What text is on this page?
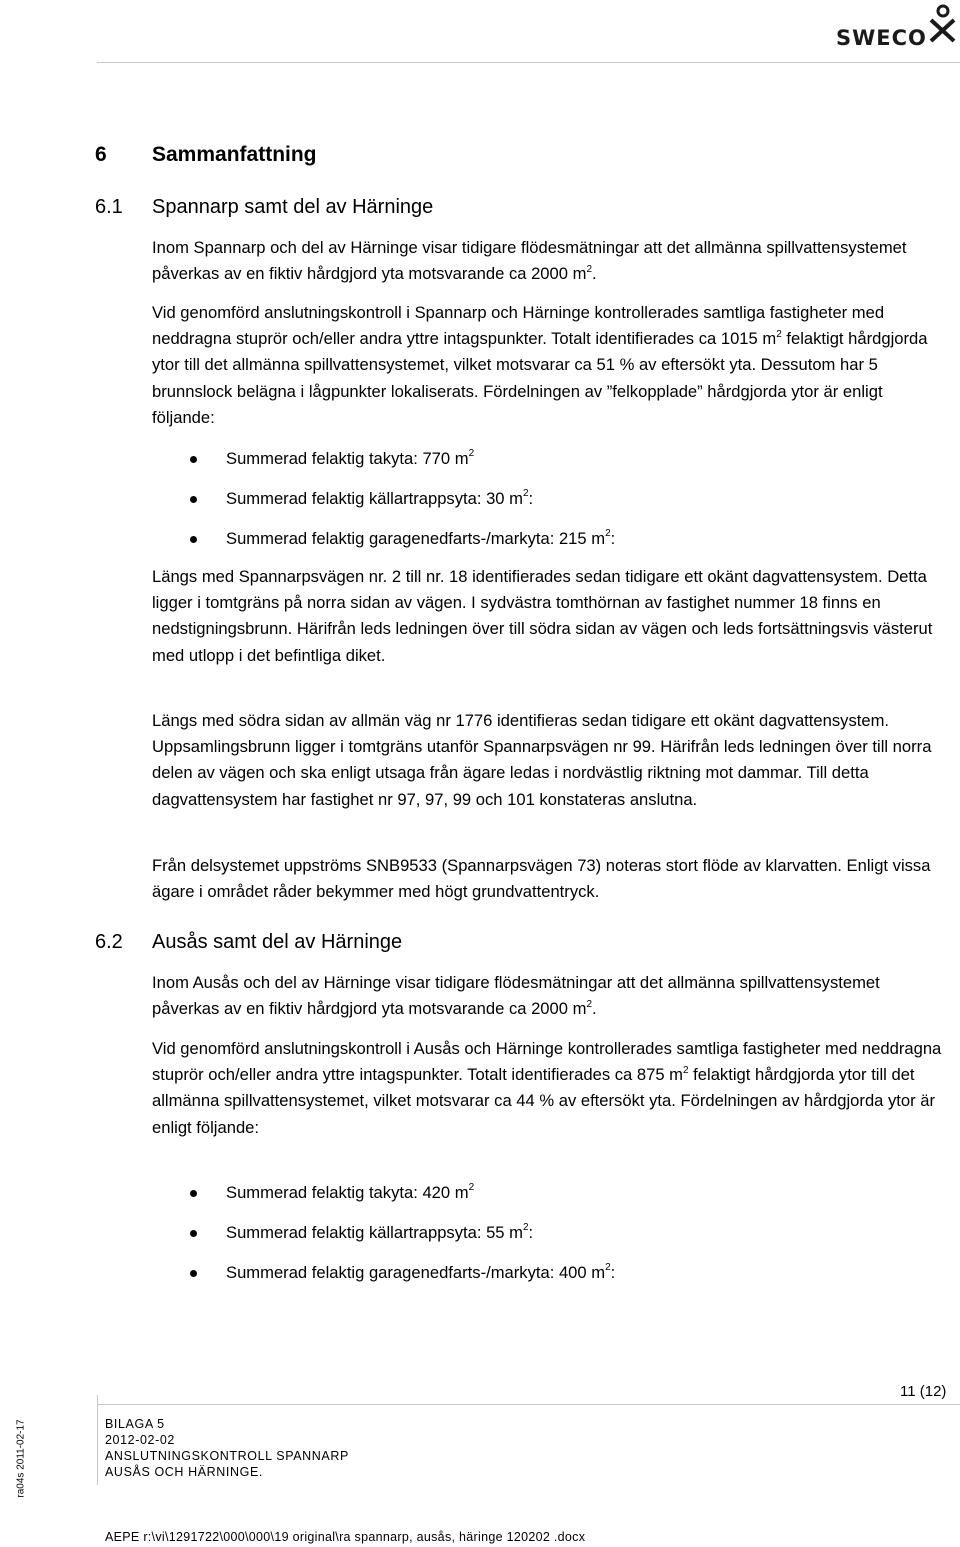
SWECO
6 Sammanfattning
6.1 Spannarp samt del av Härninge

Inom Spannarp och del av Härninge visar tidigare flödesmätningar att det allmänna spillvattensystemet påverkas av en fiktiv hårdgjord yta motsvarande ca 2000 $m^2$.

Vid genomförd anslutningskontroll i Spannarp och Härninge kontrollerades samtliga fastigheter med neddragna stuprör och/eller andra yttre intagspunkter. Totalt identifierades ca 1015 $m^2$ felaktigt hårdgjorda ytor till det allmänna spillvattensystemet, vilket motsvarar ca 51 % av eftersökt yta. Dessutom har 5 brunnslock belägna i lågpunkter lokaliserats. Fördelningen av ”felkopplade” hårdgjorda ytor är enligt följande:

Summerad felaktig takyta: 770 $m^2$
Summerad felaktig källartrappsyta: 30 $m^2$:
Summerad felaktig garagenedfarts-/markyta: 215 $m^2$:

Längs med Spannarpsvägen nr. 2 till nr. 18 identifierades sedan tidigare ett okänt dagvattensystem. Detta ligger i tomtgräns på norra sidan av vägen. I sydvästra tomthörnan av fastighet nummer 18 finns en nedstigningsbrunn. Härifrån leds ledningen över till södra sidan av vägen och leds fortsättningsvis västerut med utlopp i det befintliga diket.

Längs med södra sidan av allmän väg nr 1776 identifieras sedan tidigare ett okänt dagvattensystem. Uppsamlingsbrunn ligger i tomtgräns utanför Spannarpsvägen nr 99. Härifrån leds ledningen över till norra delen av vägen och ska enligt utsaga från ägare ledas i nordvästlig riktning mot dammar. Till detta dagvattensystem har fastighet nr 97, 97, 99 och 101 konstateras anslutna.

Från delsystemet uppströms SNB9533 (Spannarpsvägen 73) noteras stort flöde av klarvatten. Enligt vissa ägare i området råder bekymmer med högt grundvattentryck.

6.2 Ausås samt del av Härninge

Inom Ausås och del av Härninge visar tidigare flödesmätningar att det allmänna spillvattensystemet påverkas av en fiktiv hårdgjord yta motsvarande ca 2000 $m^2$.

Vid genomförd anslutningskontroll i Ausås och Härninge kontrollerades samtliga fastigheter med neddragna stuprör och/eller andra yttre intagspunkter. Totalt identifierades ca 875 $m^2$ felaktigt hårdgjorda ytor till det allmänna spillvattensystemet, vilket motsvarar ca 44 % av eftersökt yta. Fördelningen av hårdgjorda ytor är enligt följande:

Summerad felaktig takyta: 420 $m^2$
Summerad felaktig källartrappsyta: 55 $m^2$:
Summerad felaktig garagenedfarts-/markyta: 400 $m^2$:
11 (12)
BILAGA 5
2012-02-02
ANSLUTNINGSKONTROLL SPANNARP
AUSÅS OCH HÄRNINGE.
ra04s 2011-02-17
AEPE r:\vi\1291722\000\000\19 original\ra spannarp, ausås, häringe 120202 .docx
